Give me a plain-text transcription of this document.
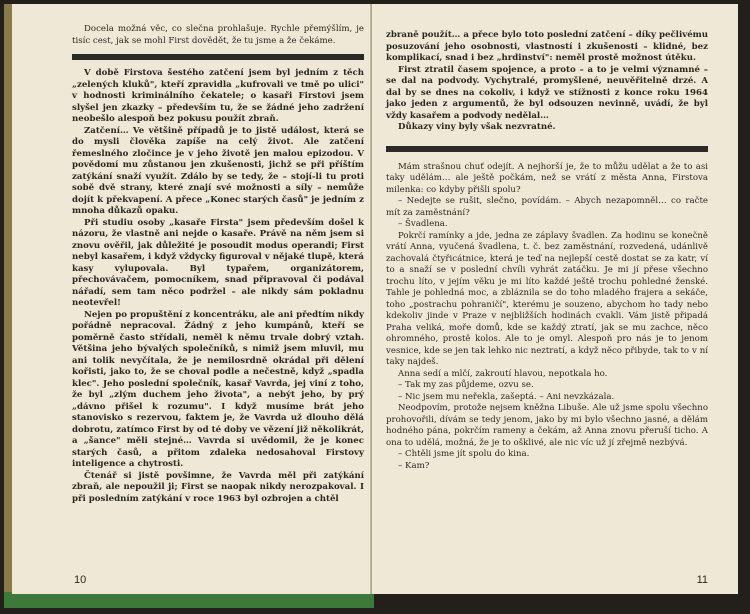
Docela možná věc, co slečna prohlašuje. Rychle přemýšlím, je tisíc cest, jak se mohl First dovědět, že tu jsme a že čekáme.

V době Firstova šestého zatčení jsem byl jedním z těch „zelených kluků", kteří zpravidla „kufrovali ve tmě po ulici" v hodnosti kriminálního čekatele; o kasaři Firstovi jsem slyšel jen zkazky – především tu, že se žádné jeho zadržení neobešlo alespoň bez pokusu použít zbraň.

Zatčení… Ve většině případů je to jistě událost, která se do mysli člověka zapíše na celý život. Ale zatčení řemeslného zločince je v jeho životě jen malou epizodou. V povědomí mu zůstanou jen zkušenosti, jichž se při příštím zatýkání snaží využít. Zdálo by se tedy, že – stojí-li tu proti sobě dvě strany, které znají své možnosti a síly – nemůže dojít k překvapení. A přece „Konec starých časů" je jedním z mnoha důkazů opaku.

Při studiu osoby „kasaře Firsta" jsem především došel k názoru, že vlastně ani nejde o kasaře. Právě na něm jsem si znovu ověřil, jak důležité je posoudit modus operandi; First nebyl kasařem, i když vždycky figuroval v nějaké tlupě, která kasy vylupovala. Byl typařem, organizátorem, přechovávačem, pomocníkem, snad připravoval či podával nářadí, sem tam něco podržel – ale nikdy sám pokladnu neotevřel!

Nejen po propuštění z koncentráku, ale ani předtím nikdy pořádně nepracoval. Žádný z jeho kumpánů, kteří se poměrně často střídali, neměl k němu trvale dobrý vztah. Většina jeho bývalých společníků, s nimiž jsem mluvil, mu ani tolik nevyčítala, že je nemilosrdně okrádal při dělení kořisti, jako to, že se choval podle a nečestně, když „spadla klec". Jeho poslední společník, kasař Vavrda, jej viní z toho, že byl „zlým duchem jeho života", a nebýt jeho, by prý „dávno přišel k rozumu". I když musíme brát jeho stanovisko s rezervou, faktem je, že Vavrda už dlouho dělá dobrotu, zatímco First by od té doby ve vězení již několikrát, a „šance" měli stejné… Vavrda si uvědomil, že je konec starých časů, a přitom zdaleka nedosahoval Firstovy inteligence a chytrosti.

Čtenář si jistě povšimne, že Vavrda měl při zatýkání zbraň, ale nepoužil ji; First se naopak nikdy nerozpakoval. I při posledním zatýkání v roce 1963 byl ozbrojen a chtěl

10

zbraně použít… a přece bylo toto poslední zatčení – díky pečlivému posuzování jeho osobnosti, vlastností i zkušenosti – klidné, bez komplikací, snad i bez „hrdinství": neměl prostě možnost útěku.

First ztratil časem spojence, a proto – a to je velmi významné – se dal na podvody. Vychytralé, promyšlené, neuvěřitelně drzé. A dal by se dnes na cokoliv, i když ve stížnosti z konce roku 1964 jako jeden z argumentů, že byl odsouzen nevinně, uvádí, že byl vždy kasařem a podvody nedělal…

Důkazy viny byly však nezvratné.

Mám strašnou chuť odejít. A nejhorší je, že to můžu udělat a že to asi taky udělám… ale ještě počkám, než se vrátí z města Anna, Firstova milenka: co kdyby přišli spolu?

– Nedejte se rušit, slečno, povídám. – Abych nezapomněl… co račte mít za zaměstnání?

– Švadlena.

Pokrčí ramínky a jde, jedna ze záplavy švadlen. Za hodinu se konečně vrátí Anna, vyučená švadlena, t. č. bez zaměstnání, rozvedená, udánlivě zachovalá čtyřicátnice, která je teď na nejlepší cestě dostat se za katr, ví to a snaží se v poslední chvíli vyhrát zatáčku. Je mi jí přese všechno trochu líto, v jejím věku je mi líto každé ještě trochu pohledné ženské. Tahle je pohledná moc, a zbláznila se do toho mladého frajera a sekáče, toho „postrachu pohraničí", kterému je souzeno, abychom ho tady nebo kdekoliv jinde v Praze v nejbližších hodinách cvakli. Vám jistě připadá Praha veliká, moře domů, kde se každý ztratí, jak se mu zachce, něco ohromného, prostě kolos. Ale to je omyl. Alespoň pro nás je to jenom vesnice, kde se jen tak lehko nic neztratí, a když něco přibyde, tak to v ní taky najdeš.

Anna sedí a mlčí, zakroutí hlavou, nepotkala ho.

– Tak my zas půjdeme, ozvu se.

– Nic jsem mu neřekla, zašeptá. – Ani nevzkázala.

Neodpovím, protože nejsem kněžna Libuše. Ale už jsme spolu všechno prohovořili, dívám se tedy jenom, jako by mi bylo všechno jasné, a dělám hodného pána, pokrčím rameny a čekám, až Anna znovu přeruší ticho. A ona to udělá, možná, že je to ošklivé, ale nic víc už jí zřejmě nezbývá.

– Chtěli jsme jít spolu do kina.

– Kam?

11
